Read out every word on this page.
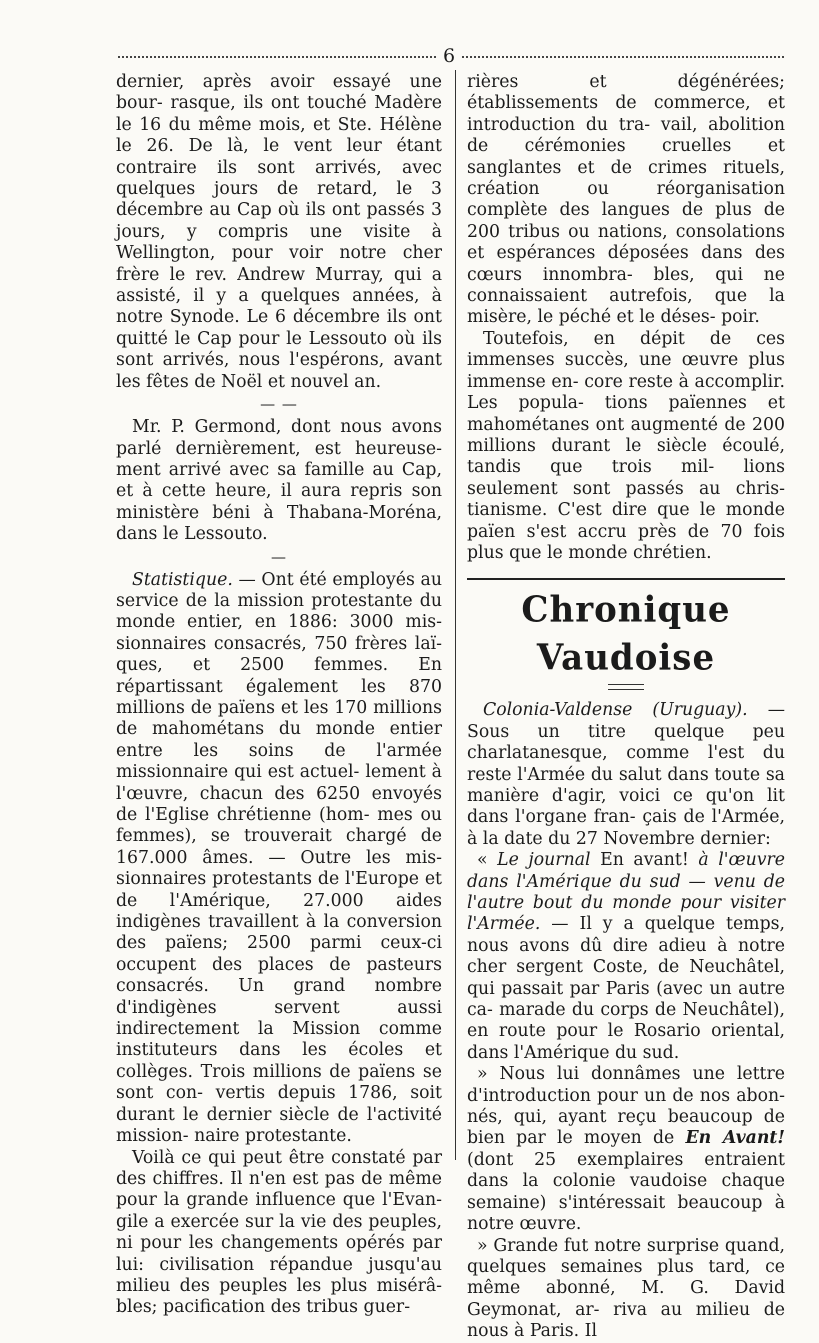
6

dernier, après avoir essayé une bour- rasque, ils ont touché Madère le 16 du même mois, et Ste. Hélène le 26. De là, le vent leur étant contraire ils sont arrivés, avec quelques jours de retard, le 3 décembre au Cap où ils ont passés 3 jours, y compris une visite à Wellington, pour voir notre cher frère le rev. Andrew Murray, qui a assisté, il y a quelques années, à notre Synode. Le 6 décembre ils ont quitté le Cap pour le Lessouto où ils sont arrivés, nous l'espérons, avant les fêtes de Noël et nouvel an.

— —

Mr. P. Germond, dont nous avons parlé dernièrement, est heureuse- ment arrivé avec sa famille au Cap, et à cette heure, il aura repris son ministère béni à Thabana-Moréna, dans le Lessouto.

—

Statistique. — Ont été employés au service de la mission protestante du monde entier, en 1886: 3000 mis- sionnaires consacrés, 750 frères laï- ques, et 2500 femmes. En répartissant également les 870 millions de païens et les 170 millions de mahométans du monde entier entre les soins de l'armée missionnaire qui est actuel- lement à l'œuvre, chacun des 6250 envoyés de l'Eglise chrétienne (hom- mes ou femmes), se trouverait chargé de 167.000 âmes. — Outre les mis- sionnaires protestants de l'Europe et de l'Amérique, 27.000 aides indigènes travaillent à la conversion des païens; 2500 parmi ceux-ci occupent des places de pasteurs consacrés. Un grand nombre d'indigènes servent	aussi indirectement la Mission comme instituteurs dans les écoles et collèges. Trois millions de païens se sont con- vertis depuis 1786, soit durant le dernier siècle de l'activité mission- naire protestante.

Voilà ce qui peut être constaté par des chiffres. Il n'en est pas de même pour la grande influence que l'Evan- gile a exercée sur la vie des peuples, ni pour les changements opérés par lui: civilisation répandue jusqu'au milieu des peuples les plus misérâ- bles; pacification des tribus guer-

rières et dégénérées; établissements de commerce, et introduction du tra- vail, abolition de cérémonies cruelles et sanglantes et de crimes rituels, création ou réorganisation complète des langues de plus de 200 tribus ou nations, consolations et espérances déposées dans des cœurs innombra- bles, qui ne connaissaient autrefois, que la misère, le péché et le déses- poir.

Toutefois, en dépit de ces immenses succès, une œuvre plus immense en- core reste à accomplir. Les popula- tions païennes et mahométanes ont augmenté de 200 millions durant le siècle écoulé, tandis que trois mil- lions seulement sont passés au chris- tianisme. C'est dire que le monde païen s'est accru près de 70 fois plus que le monde chrétien.

Chronique Vaudoise

Colonia-Valdense (Uruguay). — Sous un titre quelque peu charlatanesque, comme l'est du reste l'Armée du salut dans toute sa manière d'agir, voici ce qu'on lit dans l'organe fran- çais de l'Armée, à la date du 27 Novembre dernier:

« Le journal En avant! à l'œuvre dans l'Amérique du sud — venu de l'autre bout du monde pour visiter l'Armée. — Il y a quelque temps, nous avons dû dire adieu à notre cher sergent Coste, de Neuchâtel, qui passait par Paris (avec un autre ca- marade du corps de Neuchâtel), en route pour le Rosario oriental, dans l'Amérique du sud.

» Nous lui donnâmes une lettre d'introduction pour un de nos abon- nés, qui, ayant reçu beaucoup de bien par le moyen de En Avant! (dont 25 exemplaires entraient dans la colonie vaudoise chaque semaine) s'intéressait beaucoup à notre œuvre.

» Grande fut notre surprise quand, quelques semaines plus tard, ce même abonné, M. G. David Geymonat, ar- riva au milieu de nous à Paris. Il
